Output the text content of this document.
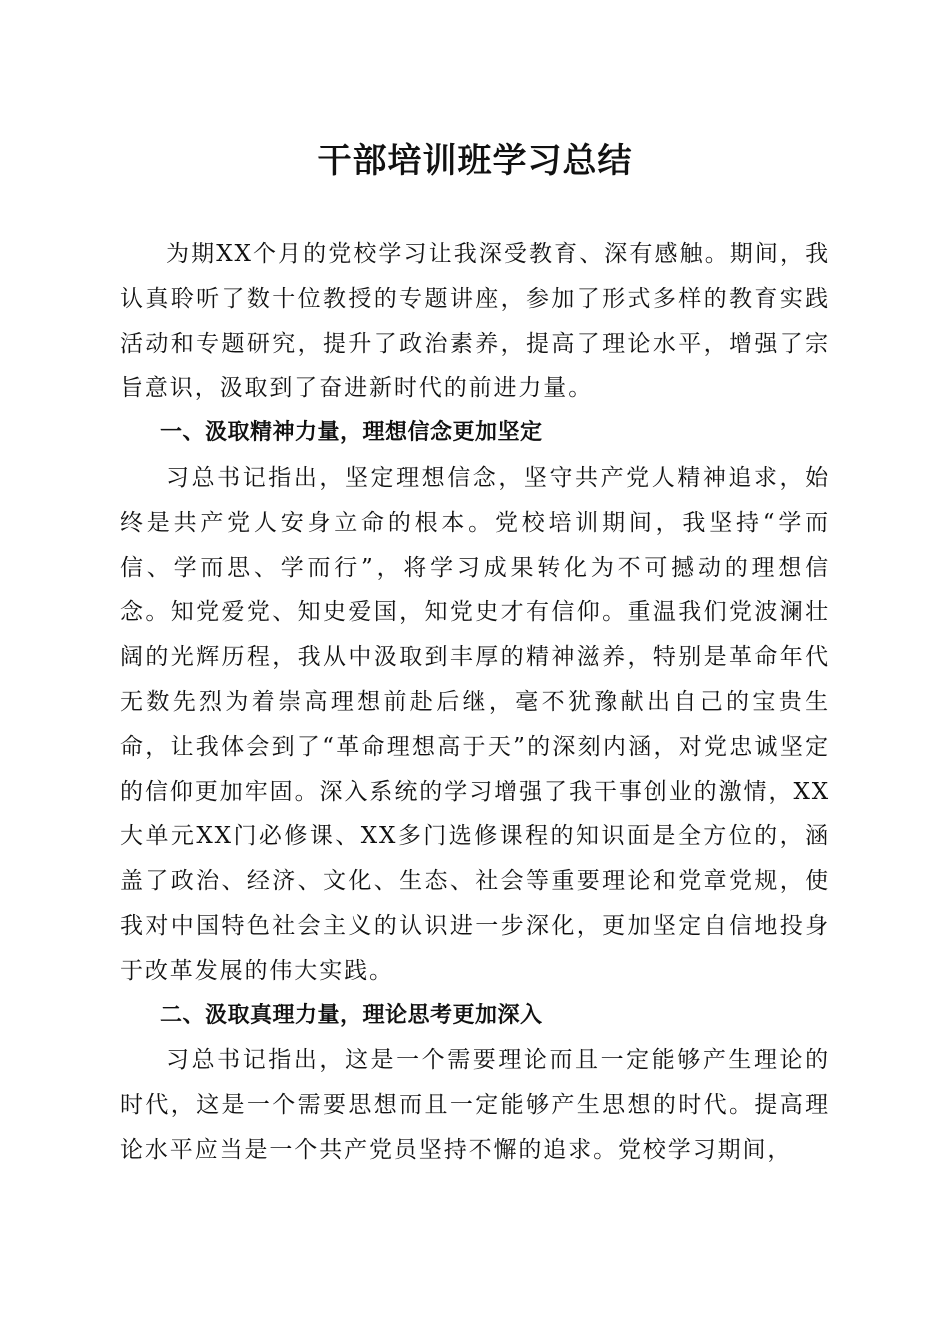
干部培训班学习总结

为期XX个月的党校学习让我深受教育、深有感触。期间，我认真聆听了数十位教授的专题讲座，参加了形式多样的教育实践活动和专题研究，提升了政治素养，提高了理论水平，增强了宗旨意识，汲取到了奋进新时代的前进力量。

一、汲取精神力量，理想信念更加坚定

习总书记指出，坚定理想信念，坚守共产党人精神追求，始终是共产党人安身立命的根本。党校培训期间，我坚持“学而信、学而思、学而行”，将学习成果转化为不可撼动的理想信念。知党爱党、知史爱国，知党史才有信仰。重温我们党波澜壮阔的光辉历程，我从中汲取到丰厚的精神滋养，特别是革命年代无数先烈为着崇高理想前赴后继，毫不犹豫献出自己的宝贵生命，让我体会到了“革命理想高于天”的深刻内涵，对党忠诚坚定的信仰更加牢固。深入系统的学习增强了我干事创业的激情，XX大单元XX门必修课、XX多门选修课程的知识面是全方位的，涵盖了政治、经济、文化、生态、社会等重要理论和党章党规，使我对中国特色社会主义的认识进一步深化，更加坚定自信地投身于改革发展的伟大实践。

二、汲取真理力量，理论思考更加深入

习总书记指出，这是一个需要理论而且一定能够产生理论的时代，这是一个需要思想而且一定能够产生思想的时代。提高理论水平应当是一个共产党员坚持不懈的追求。党校学习期间，
